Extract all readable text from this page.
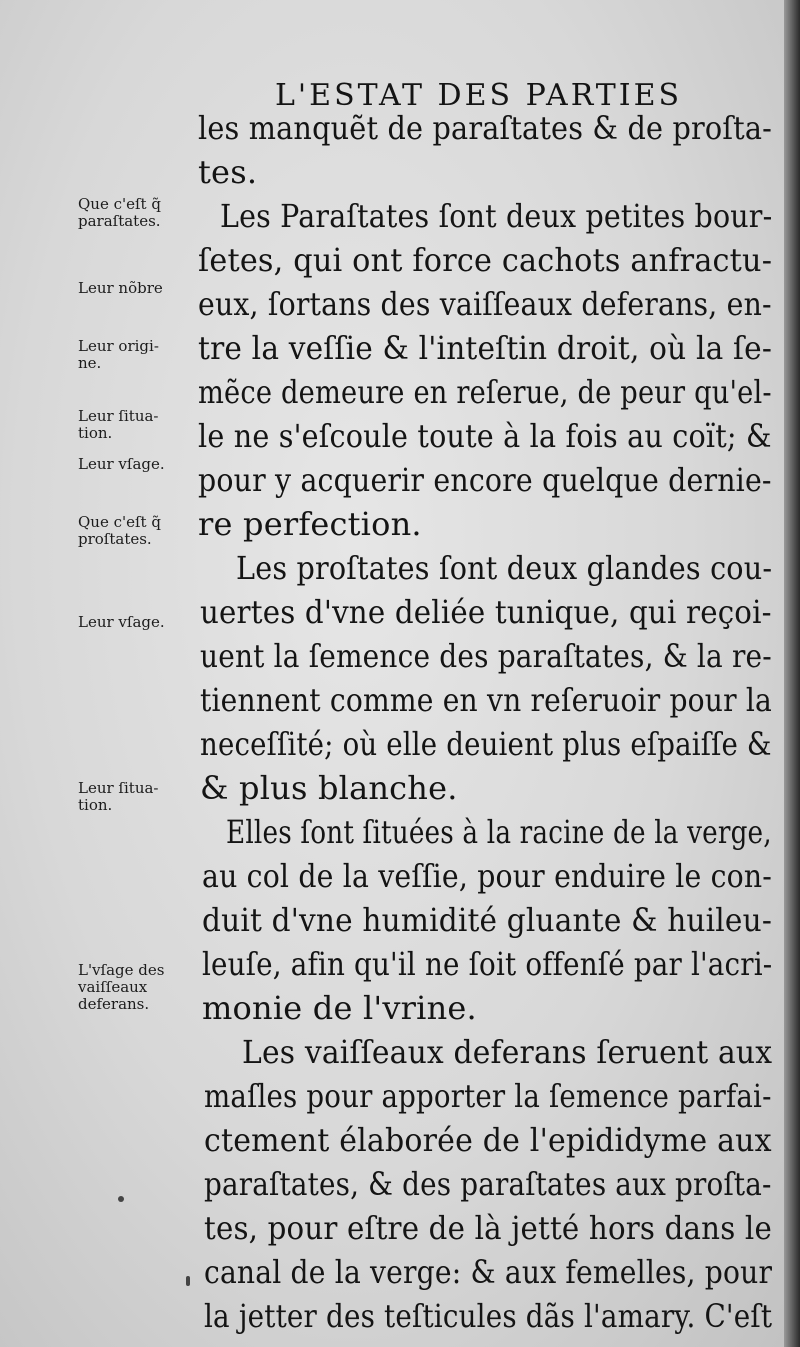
L'ESTAT DES PARTIES
les manquẽt de paraſtates & de proſta-
tes.
Les Paraſtates ſont deux petites bour-
ſetes, qui ont force cachots anfractu-
eux, ſortans des vaiſſeaux deferans, en-
tre la veſſie & l'inteſtin droit, où la ſe-
mẽce demeure en reſerue, de peur qu'el-
le ne s'eſcoule toute à la fois au coït; &
pour y acquerir encore quelque dernie-
re perfection.
Les proſtates ſont deux glandes cou-
uertes d'vne deliée tunique, qui reçoi-
uent la ſemence des paraſtates, & la re-
tiennent comme en vn reſeruoir pour la
neceſſité; où elle deuient plus eſpaiſſe &
& plus blanche.
Elles ſont ſituées à la racine de la verge,
au col de la veſſie, pour enduire le con-
duit d'vne humidité gluante & huileu-
leuſe, afin qu'il ne ſoit offenſé par l'acri-
monie de l'vrine.
Les vaiſſeaux deferans ſeruent aux
maſles pour apporter la ſemence parfai-
ctement élaborée de l'epididyme aux
paraſtates, & des paraſtates aux proſta-
tes, pour eſtre de là jetté hors dans le
canal de la verge: & aux femelles, pour
la jetter des teſticules dãs l'amary. C'eſt
Que c'eſt q̃
paraſtates.
Leur nõbre
Leur origi-
ne.
Leur ſitua-
tion.
Leur vſage.
Que c'eſt q̃
proſtates.
Leur vſage.
Leur ſitua-
tion.
L'vſage des
vaiſſeaux
deferans.
